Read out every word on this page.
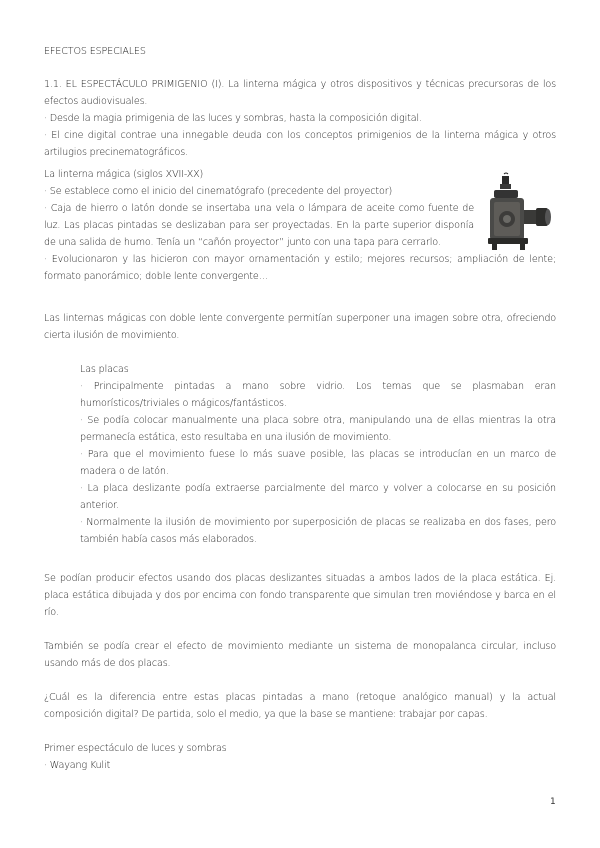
EFECTOS ESPECIALES

1.1. EL ESPECTÁCULO PRIMIGENIO (I). La linterna mágica y otros dispositivos y técnicas precursoras de los efectos audiovisuales.
· Desde la magia primigenia de las luces y sombras, hasta la composición digital.
· El cine digital contrae una innegable deuda con los conceptos primigenios de la linterna mágica y otros artilugios precinematográficos.

La linterna mágica (siglos XVII-XX)

· Se establece como el inicio del cinematógrafo (precedente del proyector)
· Caja de hierro o latón donde se insertaba una vela o lámpara de aceite como fuente de luz. Las placas pintadas se deslizaban para ser proyectadas. En la parte superior disponía de una salida de humo. Tenía un “cañón proyector” junto con una tapa para cerrarlo.

· Evolucionaron y las hicieron con mayor ornamentación y estilo; mejores recursos; ampliación de lente; formato panorámico; doble lente convergente…

Las linternas mágicas con doble lente convergente permitían superponer una imagen sobre otra, ofreciendo cierta ilusión de movimiento.

Las placas

· Principalmente pintadas a mano sobre vidrio. Los temas que se plasmaban eran humorísticos/triviales o mágicos/fantásticos.
· Se podía colocar manualmente una placa sobre otra, manipulando una de ellas mientras la otra permanecía estática, esto resultaba en una ilusión de movimiento.
· Para que el movimiento fuese lo más suave posible, las placas se introducían en un marco de madera o de latón.
· La placa deslizante podía extraerse parcialmente del marco y volver a colocarse en su posición anterior.
· Normalmente la ilusión de movimiento por superposición de placas se realizaba en dos fases, pero también había casos más elaborados.

Se podían producir efectos usando dos placas deslizantes situadas a ambos lados de la placa estática. Ej. placa estática dibujada y dos por encima con fondo transparente que simulan tren moviéndose y barca en el río.

También se podía crear el efecto de movimiento mediante un sistema de monopalanca circular, incluso usando más de dos placas.

¿Cuál es la diferencia entre estas placas pintadas a mano (retoque analógico manual) y la actual composición digital? De partida, solo el medio, ya que la base se mantiene: trabajar por capas.

Primer espectáculo de luces y sombras
· Wayang Kulit

1
